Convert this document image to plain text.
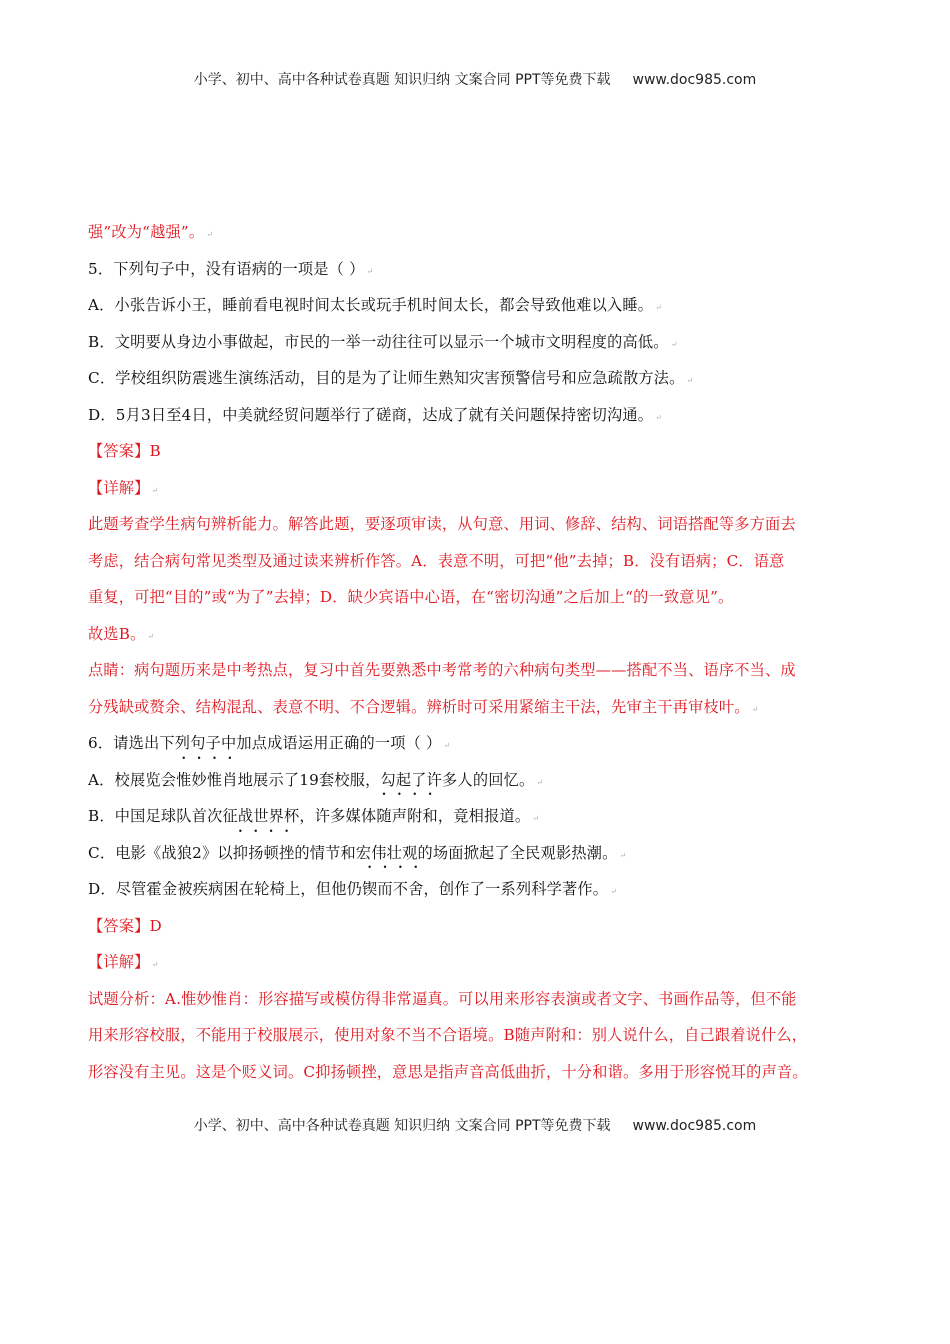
小学、初中、高中各种试卷真题 知识归纳 文案合同 PPT等免费下载 www.doc985.com
强”改为“越强”。 ↵
5．下列句子中，没有语病的一项是（ ） ↵
A．小张告诉小王，睡前看电视时间太长或玩手机时间太长，都会导致他难以入睡。 ↵
B．文明要从身边小事做起，市民的一举一动往往可以显示一个城市文明程度的高低。 ↵
C．学校组织防震逃生演练活动，目的是为了让师生熟知灾害预警信号和应急疏散方法。 ↵
D．5月3日至4日，中美就经贸问题举行了磋商，达成了就有关问题保持密切沟通。 ↵
【答案】B
【详解】 ↵
此题考查学生病句辨析能力。解答此题，要逐项审读，从句意、用词、修辞、结构、词语搭配等多方面去
考虑，结合病句常见类型及通过读来辨析作答。A．表意不明，可把“他”去掉；B．没有语病；C．语意
重复，可把“目的”或“为了”去掉；D．缺少宾语中心语，在“密切沟通”之后加上“的一致意见”。
故选B。 ↵
点睛：病句题历来是中考热点，复习中首先要熟悉中考常考的六种病句类型——搭配不当、语序不当、成
分残缺或赘余、结构混乱、表意不明、不合逻辑。辨析时可采用紧缩主干法，先审主干再审枝叶。 ↵
6．请选出下列句子中加点成语运用正确的一项（ ） ↵
A．校展览会惟妙惟肖地展示了19套校服，勾起了许多人的回忆。 ↵
B．中国足球队首次征战世界杯，许多媒体随声附和，竟相报道。 ↵
C．电影《战狼2》以抑扬顿挫的情节和宏伟壮观的场面掀起了全民观影热潮。 ↵
D．尽管霍金被疾病困在轮椅上，但他仍锲而不舍，创作了一系列科学著作。 ↵
【答案】D
【详解】 ↵
试题分析：A.惟妙惟肖：形容描写或模仿得非常逼真。可以用来形容表演或者文字、书画作品等，但不能
用来形容校服，不能用于校服展示，使用对象不当不合语境。B随声附和：别人说什么，自己跟着说什么，
形容没有主见。这是个贬义词。C抑扬顿挫，意思是指声音高低曲折，十分和谐。多用于形容悦耳的声音。
小学、初中、高中各种试卷真题 知识归纳 文案合同 PPT等免费下载 www.doc985.com
